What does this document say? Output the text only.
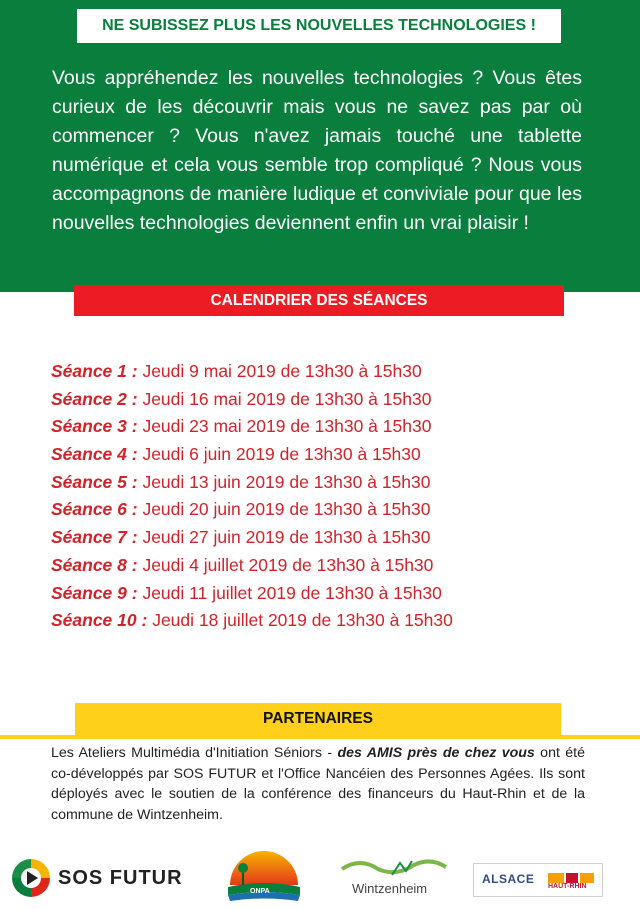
NE SUBISSEZ PLUS LES NOUVELLES TECHNOLOGIES !

Vous appréhendez les nouvelles technologies ? Vous êtes curieux de les découvrir mais vous ne savez pas par où commencer ? Vous n'avez jamais touché une tablette numérique et cela vous semble trop compliqué ? Nous vous accompagnons de manière ludique et conviviale pour que les nouvelles technologies deviennent enfin un vrai plaisir !

CALENDRIER DES SÉANCES
Séance 1 : Jeudi 9 mai 2019 de 13h30 à 15h30
Séance 2 : Jeudi 16 mai 2019 de 13h30 à 15h30
Séance 3 : Jeudi 23 mai 2019 de 13h30 à 15h30
Séance 4 : Jeudi 6 juin 2019 de 13h30 à 15h30
Séance 5 : Jeudi 13 juin 2019 de 13h30 à 15h30
Séance 6 : Jeudi 20 juin 2019 de 13h30 à 15h30
Séance 7 : Jeudi 27 juin 2019 de 13h30 à 15h30
Séance 8 : Jeudi 4 juillet 2019 de 13h30 à 15h30
Séance 9 : Jeudi 11 juillet 2019 de 13h30 à 15h30
Séance 10 : Jeudi 18 juillet 2019 de 13h30 à 15h30
PARTENAIRES

Les Ateliers Multimédia d'Initiation Séniors - des AMIS près de chez vous ont été co-développés par SOS FUTUR et l'Office Nancéien des Personnes Agées. Ils sont déployés avec le soutien de la conférence des financeurs du Haut-Rhin et de la commune de Wintzenheim.

SOS FUTUR
ONPA	Wintzenheim
ALSACE
HAUT-RHIN
